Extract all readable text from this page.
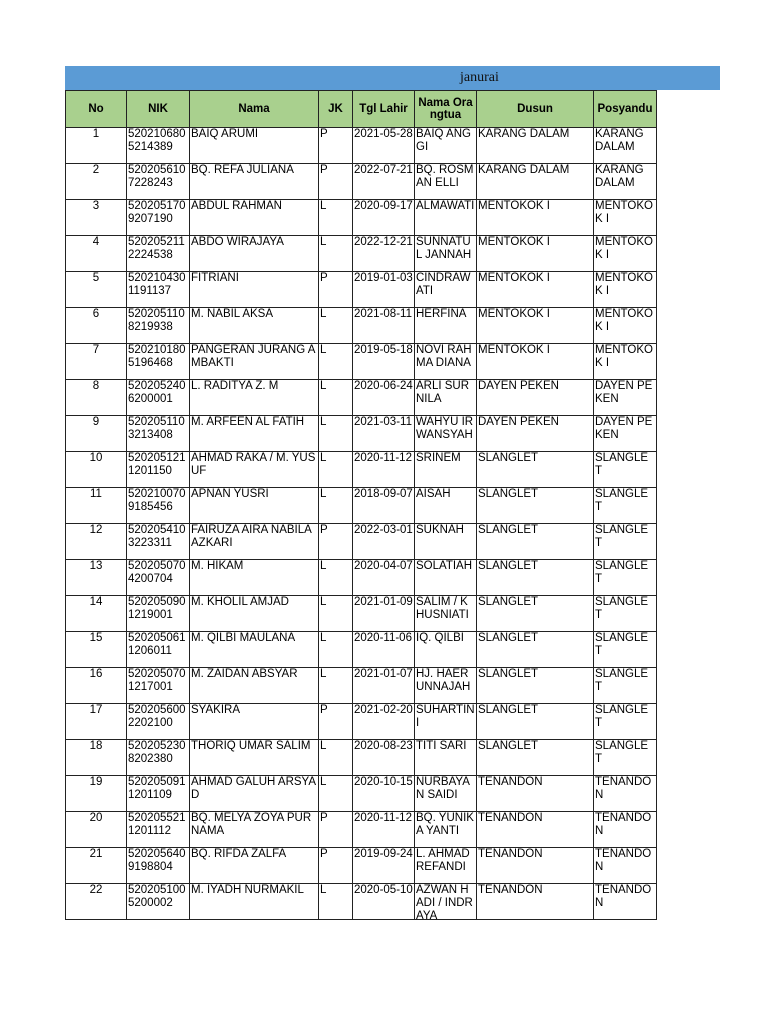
janurai
No	NIK	Nama	JK	Tgl Lahir	Nama Orangtua	Dusun	Posyandu

1	5202106805214389	BAIQ ARUMI	P	2021-05-28	BAIQ ANGGI	KARANG DALAM	KARANG DALAM

2	5202056107228243	BQ. REFA JULIANA	P	2022-07-21	BQ. ROSMAN ELLI	KARANG DALAM	KARANG DALAM

3	5202051709207190	ABDUL RAHMAN	L	2020-09-17	ALMAWATI	MENTOKOK I	MENTOKOK I

4	5202052112224538	ABDO WIRAJAYA	L	2022-12-21	SUNNATUL JANNAH	MENTOKOK I	MENTOKOK I

5	5202104301191137	FITRIANI	P	2019-01-03	CINDRAWATI	MENTOKOK I	MENTOKOK I

6	5202051108219938	M. NABIL AKSA	L	2021-08-11	HERFINA	MENTOKOK I	MENTOKOK I

7	5202101805196468	PANGERAN JURANG AMBAKTI	L	2019-05-18	NOVI RAHMA DIANA	MENTOKOK I	MENTOKOK I

8	5202052406200001	L. RADITYA Z. M	L	2020-06-24	ARLI SURNILA	DAYEN PEKEN	DAYEN PEKEN

9	5202051103213408	M. ARFEEN AL FATIH	L	2021-03-11	WAHYU IRWANSYAH	DAYEN PEKEN	DAYEN PEKEN

10	5202051211201150	AHMAD RAKA / M. YUSUF	L	2020-11-12	SRINEM	SLANGLET	SLANGLET

11	5202100709185456	APNAN YUSRI	L	2018-09-07	AISAH	SLANGLET	SLANGLET

12	5202054103223311	FAIRUZA AIRA NABILA AZKARI	P	2022-03-01	SUKNAH	SLANGLET	SLANGLET

13	5202050704200704	M. HIKAM	L	2020-04-07	SOLATIAH	SLANGLET	SLANGLET

14	5202050901219001	M. KHOLIL AMJAD	L	2021-01-09	SALIM / KHUSNIATI	SLANGLET	SLANGLET

15	5202050611206011	M. QILBI MAULANA	L	2020-11-06	IQ. QILBI	SLANGLET	SLANGLET

16	5202050701217001	M. ZAIDAN ABSYAR	L	2021-01-07	HJ. HAERUNNAJAH	SLANGLET	SLANGLET

17	5202056002202100	SYAKIRA	P	2021-02-20	SUHARTINI	SLANGLET	SLANGLET

18	5202052308202380	THORIQ UMAR SALIM	L	2020-08-23	TITI SARI	SLANGLET	SLANGLET

19	5202050911201109	AHMAD GALUH ARSYAD	L	2020-10-15	NURBAYAN SAIDI	TENANDON	TENANDON

20	5202055211201112	BQ. MELYA ZOYA PURNAMA	P	2020-11-12	BQ. YUNIKA YANTI	TENANDON	TENANDON

21	5202056409198804	BQ. RIFDA ZALFA	P	2019-09-24	L. AHMAD REFANDI	TENANDON	TENANDON

22	5202051005200002	M. IYADH NURMAKIL	L	2020-05-10	AZWAN HADI / INDRAYA	TENANDON	TENANDON
